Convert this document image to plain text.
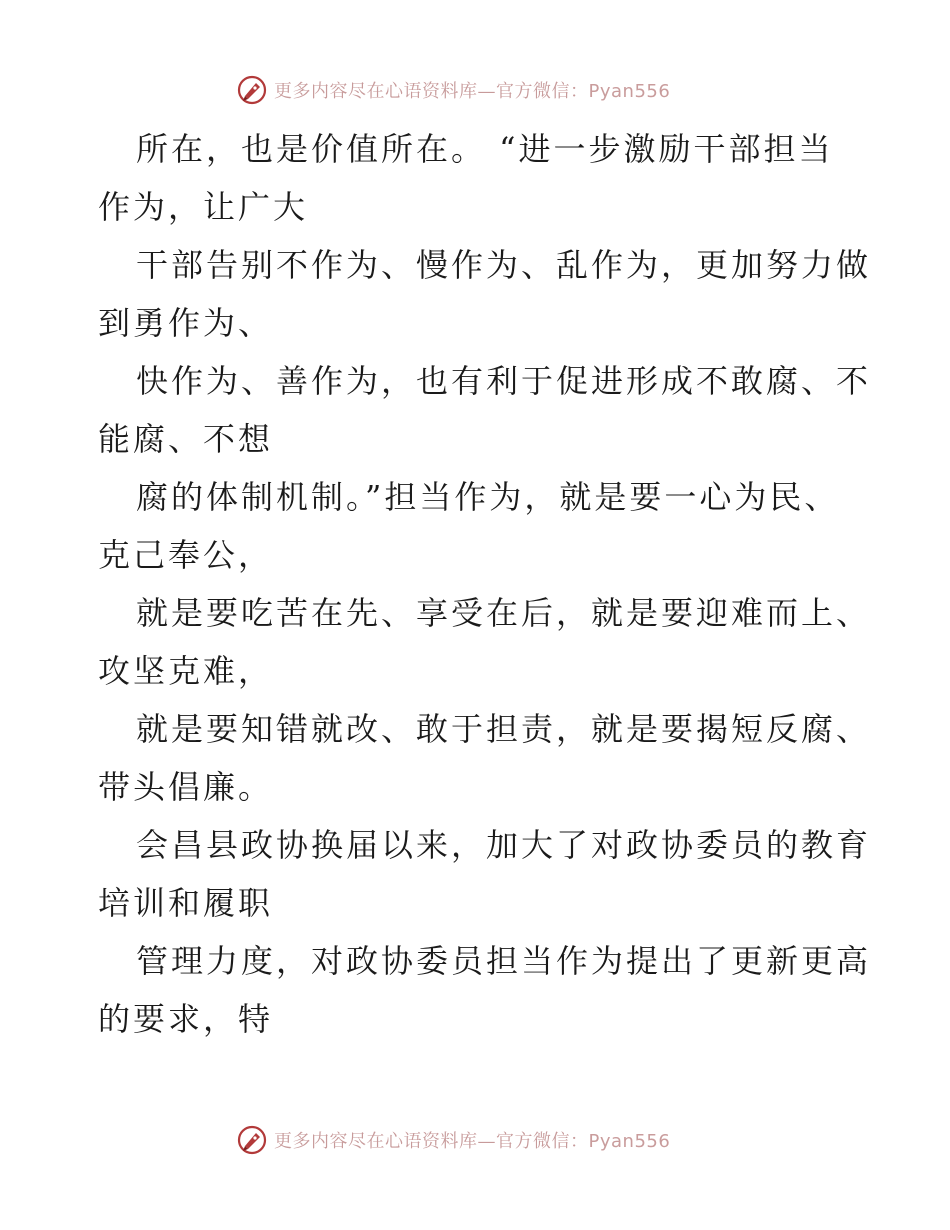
更多内容尽在心语资料库—官方微信：Pyan556
所在，也是价值所在。 “进一步激励干部担当
作为，让广大
干部告别不作为、慢作为、乱作为，更加努力做
到勇作为、
快作为、善作为，也有利于促进形成不敢腐、不
能腐、不想
腐的体制机制。”担当作为，就是要一心为民、
克己奉公，
就是要吃苦在先、享受在后，就是要迎难而上、
攻坚克难，
就是要知错就改、敢于担责，就是要揭短反腐、
带头倡廉。
会昌县政协换届以来，加大了对政协委员的教育
培训和履职
管理力度，对政协委员担当作为提出了更新更高
的要求，特
更多内容尽在心语资料库—官方微信：Pyan556
